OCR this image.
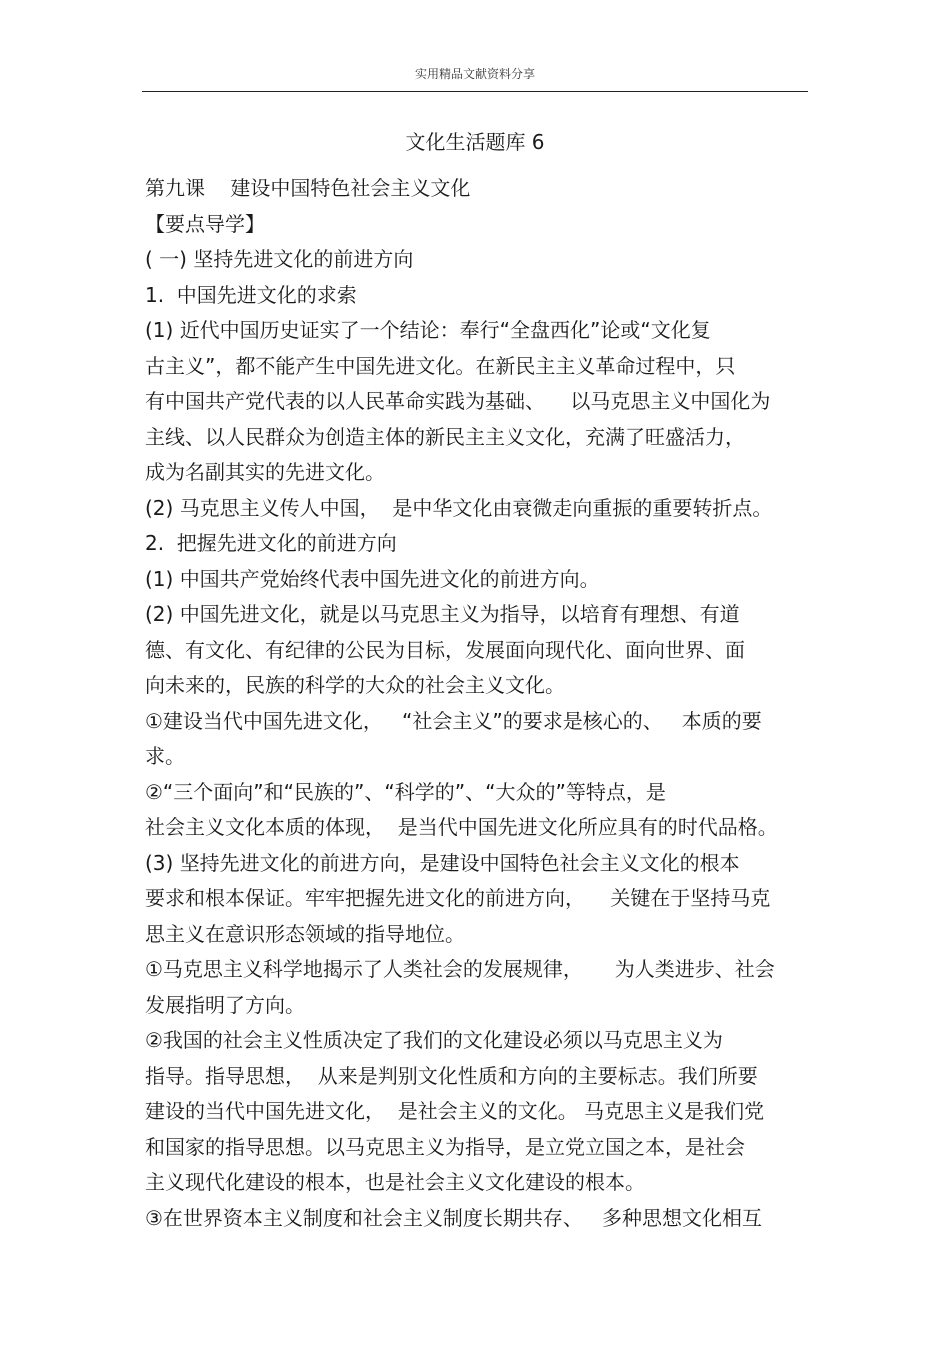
实用精品文献资料分享
文化生活题库 6
第九课    建设中国特色社会主义文化
【要点导学】
( 一) 坚持先进文化的前进方向
1.  中国先进文化的求索
(1) 近代中国历史证实了一个结论：奉行“全盘西化”论或“文化复
古主义”，都不能产生中国先进文化。在新民主主义革命过程中，只
有中国共产党代表的以人民革命实践为基础、    以马克思主义中国化为
主线、以人民群众为创造主体的新民主主义文化，充满了旺盛活力，
成为名副其实的先进文化。
(2) 马克思主义传人中国，  是中华文化由衰微走向重振的重要转折点。
2.  把握先进文化的前进方向
(1) 中国共产党始终代表中国先进文化的前进方向。
(2) 中国先进文化，就是以马克思主义为指导，以培育有理想、有道
德、有文化、有纪律的公民为目标，发展面向现代化、面向世界、面
向未来的，民族的科学的大众的社会主义文化。
①建设当代中国先进文化，   “社会主义”的要求是核心的、   本质的要
求。
②“三个面向”和“民族的”、“科学的”、“大众的”等特点，是
社会主义文化本质的体现，  是当代中国先进文化所应具有的时代品格。
(3) 坚持先进文化的前进方向，是建设中国特色社会主义文化的根本
要求和根本保证。牢牢把握先进文化的前进方向，    关键在于坚持马克
思主义在意识形态领域的指导地位。
①马克思主义科学地揭示了人类社会的发展规律，     为人类进步、社会
发展指明了方向。
②我国的社会主义性质决定了我们的文化建设必须以马克思主义为
指导。指导思想，  从来是判别文化性质和方向的主要标志。我们所要
建设的当代中国先进文化，  是社会主义的文化。 马克思主义是我们党
和国家的指导思想。以马克思主义为指导，是立党立国之本，是社会
主义现代化建设的根本，也是社会主义文化建设的根本。
③在世界资本主义制度和社会主义制度长期共存、   多种思想文化相互
